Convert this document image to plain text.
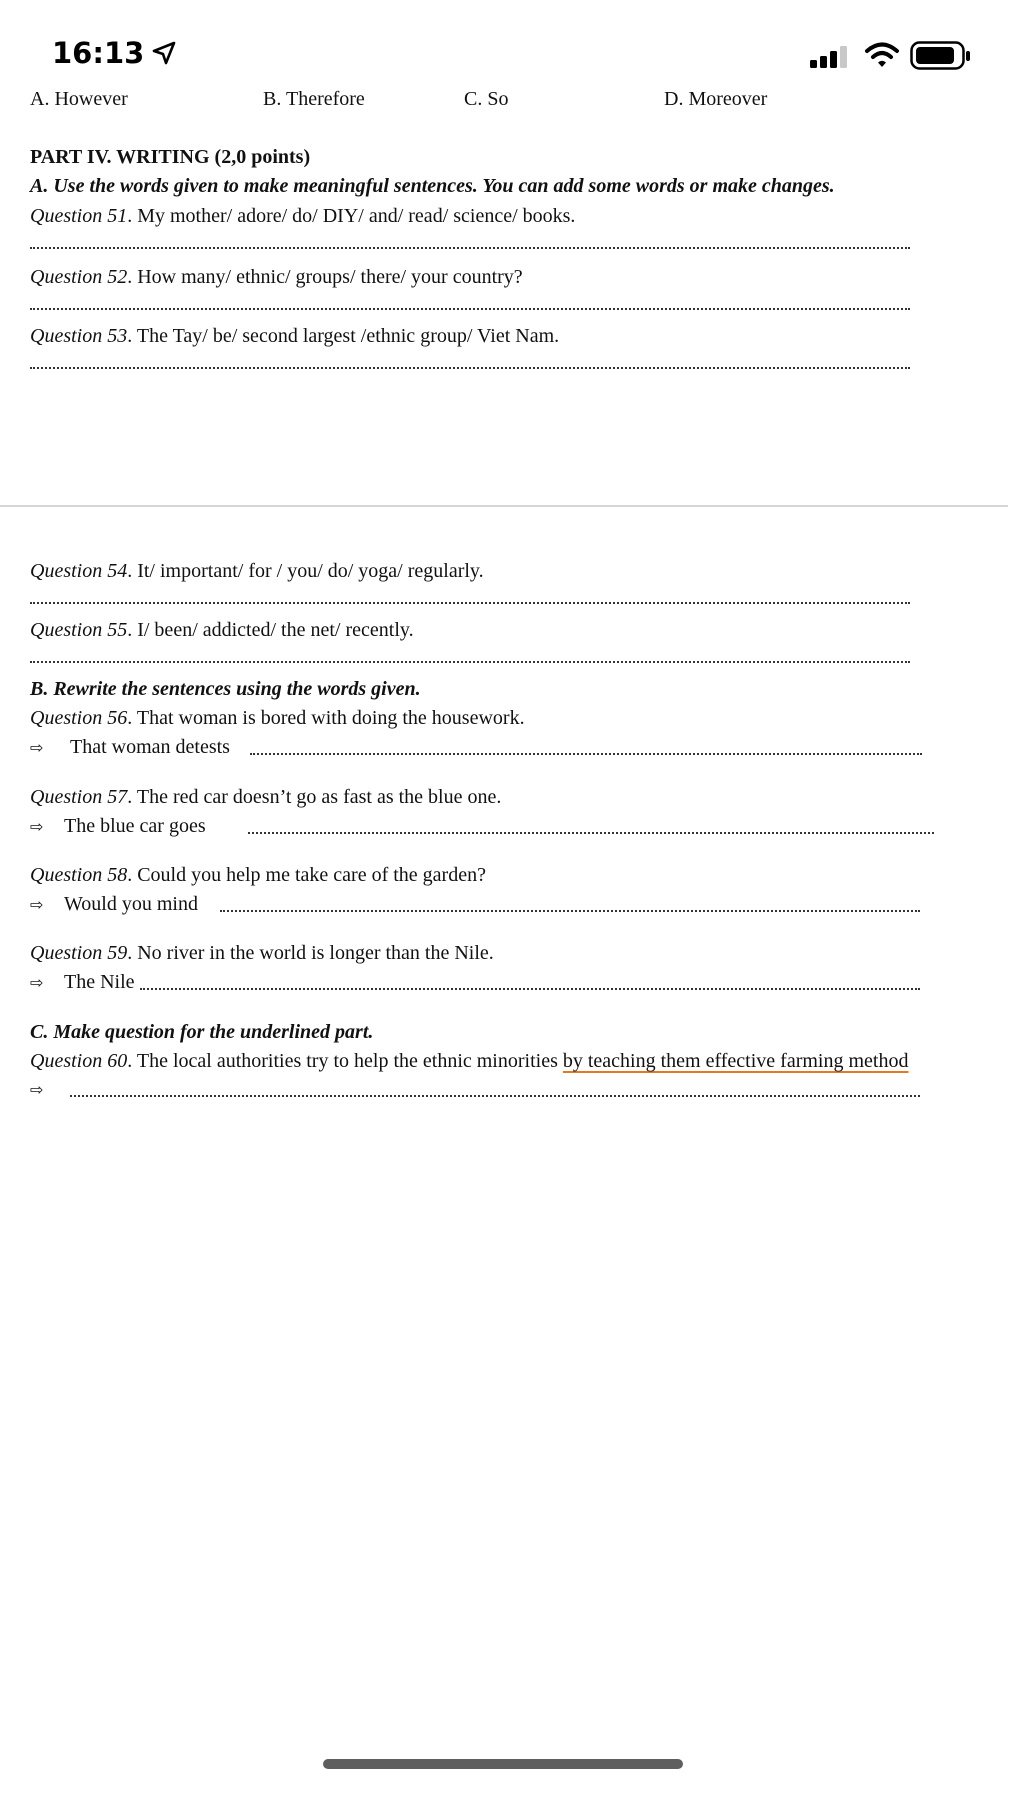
16:13
A. However	B. Therefore	C. So	D. Moreover
PART IV. WRITING (2,0 points)
A. Use the words given to make meaningful sentences. You can add some words or make changes.
Question 51. My mother/ adore/ do/ DIY/ and/ read/ science/ books.
Question 52. How many/ ethnic/ groups/ there/ your country?
Question 53. The Tay/ be/ second largest /ethnic group/ Viet Nam.
Question 54. It/ important/ for / you/ do/ yoga/ regularly.
Question 55. I/ been/ addicted/ the net/ recently.
B. Rewrite the sentences using the words given.
Question 56. That woman is bored with doing the housework.
⇨ That woman detests
Question 57. The red car doesn’t go as fast as the blue one.
⇨ The blue car goes
Question 58. Could you help me take care of the garden?
⇨ Would you mind
Question 59. No river in the world is longer than the Nile.
⇨ The Nile
C. Make question for the underlined part.
Question 60. The local authorities try to help the ethnic minorities by teaching them effective farming method
⇨
